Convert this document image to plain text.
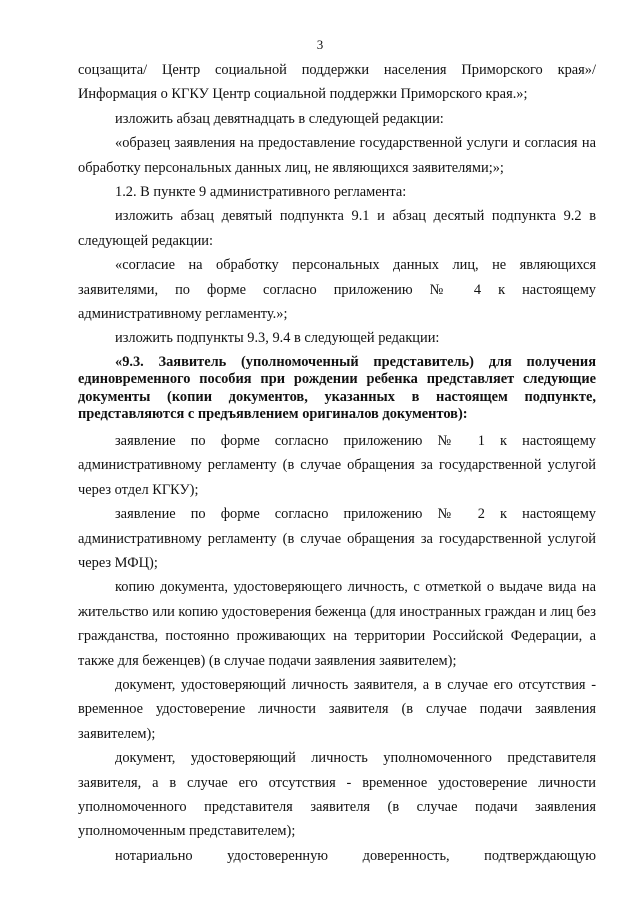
3

соцзащита/ Центр социальной поддержки населения Приморского края»/Информация о КГКУ Центр социальной поддержки Приморского края.»;

изложить абзац девятнадцать в следующей редакции:

«образец заявления на предоставление государственной услуги и согласия на обработку персональных данных лиц, не являющихся заявителями;»;

1.2. В пункте 9 административного регламента:

изложить абзац девятый подпункта 9.1 и абзац десятый подпункта 9.2 в следующей редакции:

«согласие на обработку персональных данных лиц, не являющихся заявителями, по форме согласно приложению № 4 к настоящему административному регламенту.»;

изложить подпункты 9.3, 9.4 в следующей редакции:

«9.3. Заявитель (уполномоченный представитель) для получения единовременного пособия при рождении ребенка представляет следующие документы (копии документов, указанных в настоящем подпункте, представляются с предъявлением оригиналов документов):

заявление по форме согласно приложению № 1 к настоящему административному регламенту (в случае обращения за государственной услугой через отдел КГКУ);

заявление по форме согласно приложению № 2 к настоящему административному регламенту (в случае обращения за государственной услугой через МФЦ);

копию документа, удостоверяющего личность, с отметкой о выдаче вида на жительство или копию удостоверения беженца (для иностранных граждан и лиц без гражданства, постоянно проживающих на территории Российской Федерации, а также для беженцев) (в случае подачи заявления заявителем);

документ, удостоверяющий личность заявителя, а в случае его отсутствия - временное удостоверение личности заявителя (в случае подачи заявления заявителем);

документ, удостоверяющий личность уполномоченного представителя заявителя, а в случае его отсутствия - временное удостоверение личности уполномоченного представителя заявителя (в случае подачи заявления уполномоченным представителем);

нотариально удостоверенную доверенность, подтверждающую
